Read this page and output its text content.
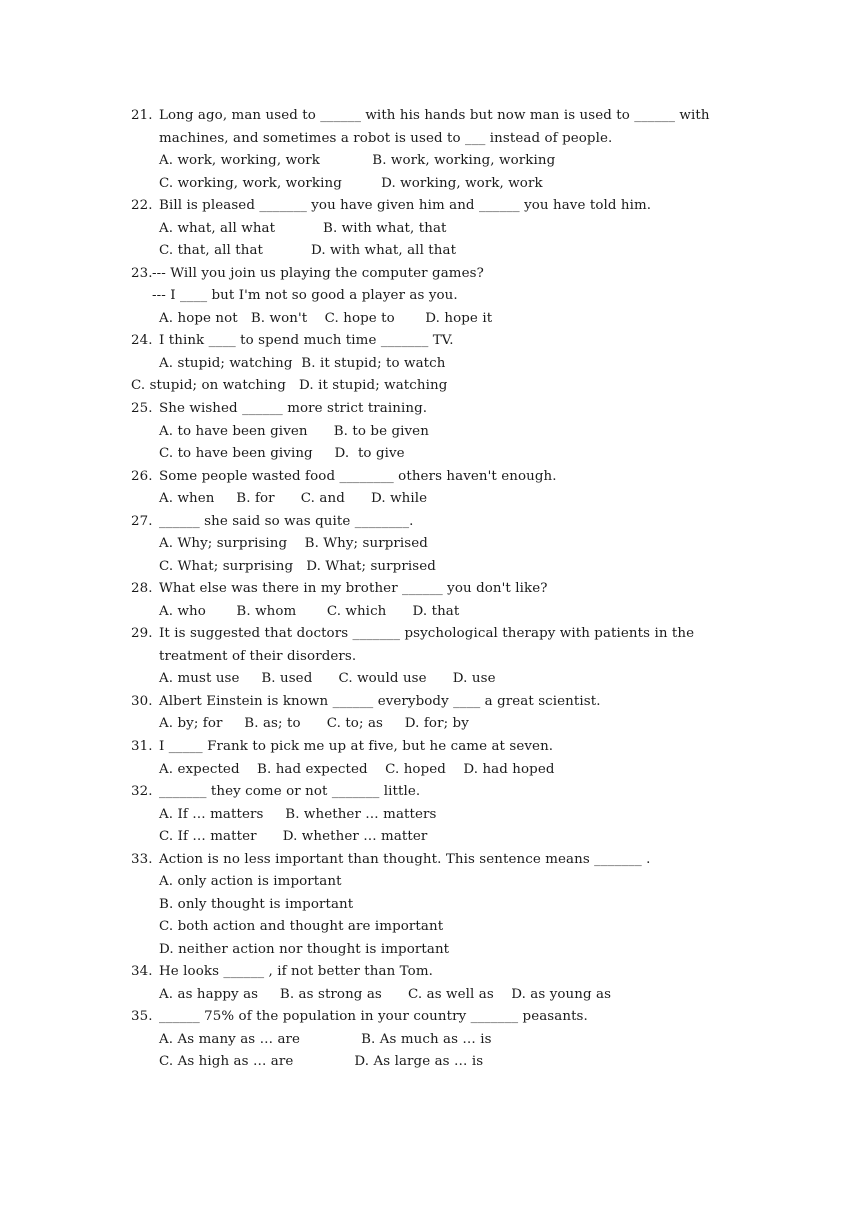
21. Long ago, man used to ______ with his hands but now man is used to ______ with
machines, and sometimes a robot is used to ___ instead of people.
A. work, working, work            B. work, working, working
C. working, work, working         D. working, work, work
22. Bill is pleased _______ you have given him and ______ you have told him.
A. what, all what           B. with what, that
C. that, all that           D. with what, all that
23. --- Will you join us playing the computer games?
--- I ____ but I'm not so good a player as you.
A. hope not   B. won't    C. hope to       D. hope it
24. I think ____ to spend much time _______ TV.
A. stupid; watching  B. it stupid; to watch
C. stupid; on watching   D. it stupid; watching
25. She wished ______ more strict training.
A. to have been given      B. to be given
C. to have been giving     D.  to give
26. Some people wasted food ________ others haven't enough.
A. when     B. for      C. and      D. while
27. ______ she said so was quite ________.
A. Why; surprising    B. Why; surprised
C. What; surprising   D. What; surprised
28. What else was there in my brother ______ you don't like?
A. who       B. whom       C. which      D. that
29. It is suggested that doctors _______ psychological therapy with patients in the
treatment of their disorders.
A. must use     B. used      C. would use      D. use
30. Albert Einstein is known ______ everybody ____ a great scientist.
A. by; for     B. as; to      C. to; as     D. for; by
31. I _____ Frank to pick me up at five, but he came at seven.
A. expected    B. had expected    C. hoped    D. had hoped
32. _______ they come or not _______ little.
A. If … matters     B. whether … matters
C. If … matter      D. whether … matter
33. Action is no less important than thought. This sentence means _______ .
A. only action is important
B. only thought is important
C. both action and thought are important
D. neither action nor thought is important
34. He looks ______ , if not better than Tom.
A. as happy as     B. as strong as      C. as well as    D. as young as
35. ______ 75% of the population in your country _______ peasants.
A. As many as … are              B. As much as … is
C. As high as … are              D. As large as … is
